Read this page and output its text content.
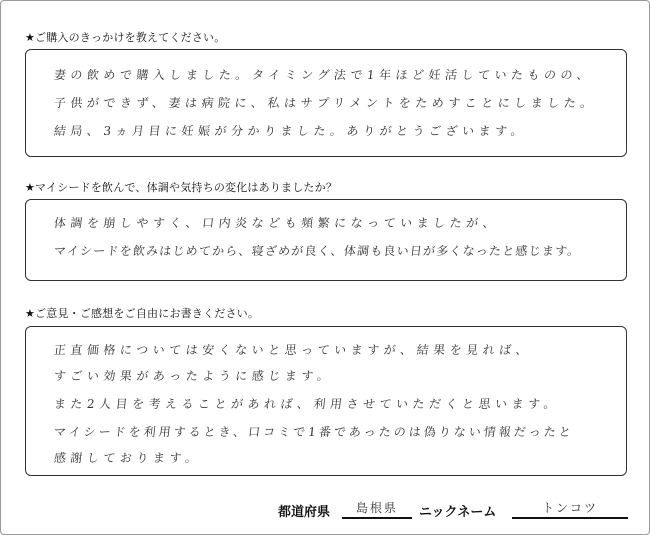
★ご購入のきっかけを教えてください。
妻の飲めで購入しました。タイミング法で1年ほど妊活していたものの、
子供ができず、妻は病院に、私はサプリメントをためすことにしました。
結局、3ヵ月目に妊娠が分かりました。ありがとうございます。
★マイシードを飲んで、体調や気持ちの変化はありましたか？
体調を崩しやすく、口内炎なども頻繁になっていましたが、
マイシードを飲みはじめてから、寝ざめが良く、体調も良い日が多くなったと感じます。
★ご意見・ご感想をご自由にお書きください。
正直価格については安くないと思っていますが、結果を見れば、
すごい効果があったように感じます。
また2人目を考えることがあれば、利用させていただくと思います。
マイシードを利用するとき、口コミで1番であったのは偽りない情報だったと
感謝しております。
都道府県	島根県	ニックネーム	トンコツ
